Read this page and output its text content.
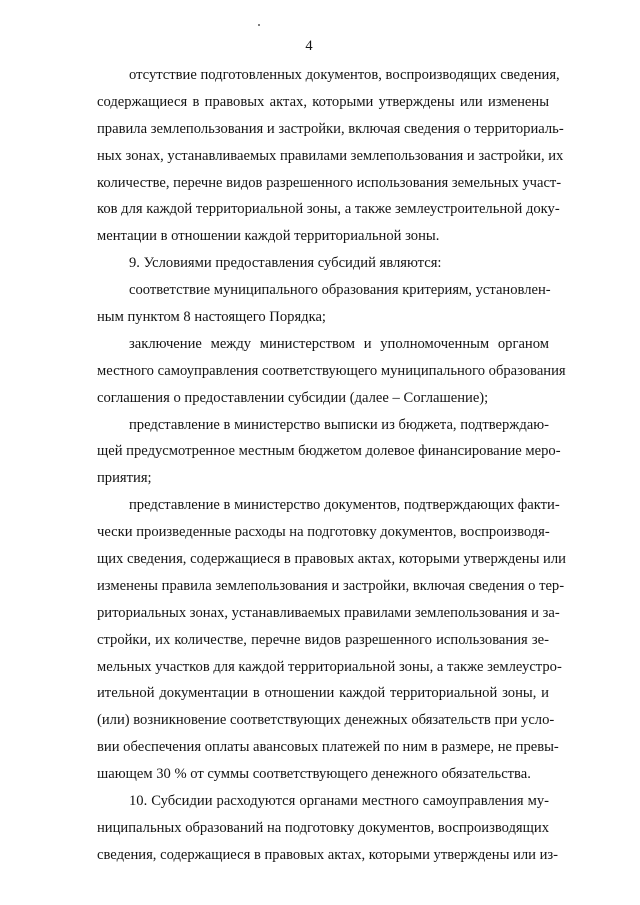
4
отсутствие подготовленных документов, воспроизводящих сведения,
содержащиеся в правовых актах, которыми утверждены или изменены
правила землепользования и застройки, включая сведения о территориаль-
ных зонах, устанавливаемых правилами землепользования и застройки, их
количестве, перечне видов разрешенного использования земельных участ-
ков для каждой территориальной зоны, а также землеустроительной доку-
ментации в отношении каждой территориальной зоны.
9. Условиями предоставления субсидий являются:
соответствие муниципального образования критериям, установлен-
ным пунктом 8 настоящего Порядка;
заключение между министерством и уполномоченным органом
местного самоуправления соответствующего муниципального образования
соглашения о предоставлении субсидии (далее – Соглашение);
представление в министерство выписки из бюджета, подтверждаю-
щей предусмотренное местным бюджетом долевое финансирование меро-
приятия;
представление в министерство документов, подтверждающих факти-
чески произведенные расходы на подготовку документов, воспроизводя-
щих сведения, содержащиеся в правовых актах, которыми утверждены или
изменены правила землепользования и застройки, включая сведения о тер-
риториальных зонах, устанавливаемых правилами землепользования и за-
стройки, их количестве, перечне видов разрешенного использования зе-
мельных участков для каждой территориальной зоны, а также землеустро-
ительной документации в отношении каждой территориальной зоны, и
(или) возникновение соответствующих денежных обязательств при усло-
вии обеспечения оплаты авансовых платежей по ним в размере, не превы-
шающем 30 % от суммы соответствующего денежного обязательства.
10. Субсидии расходуются органами местного самоуправления му-
ниципальных образований на подготовку документов, воспроизводящих
сведения, содержащиеся в правовых актах, которыми утверждены или из-
